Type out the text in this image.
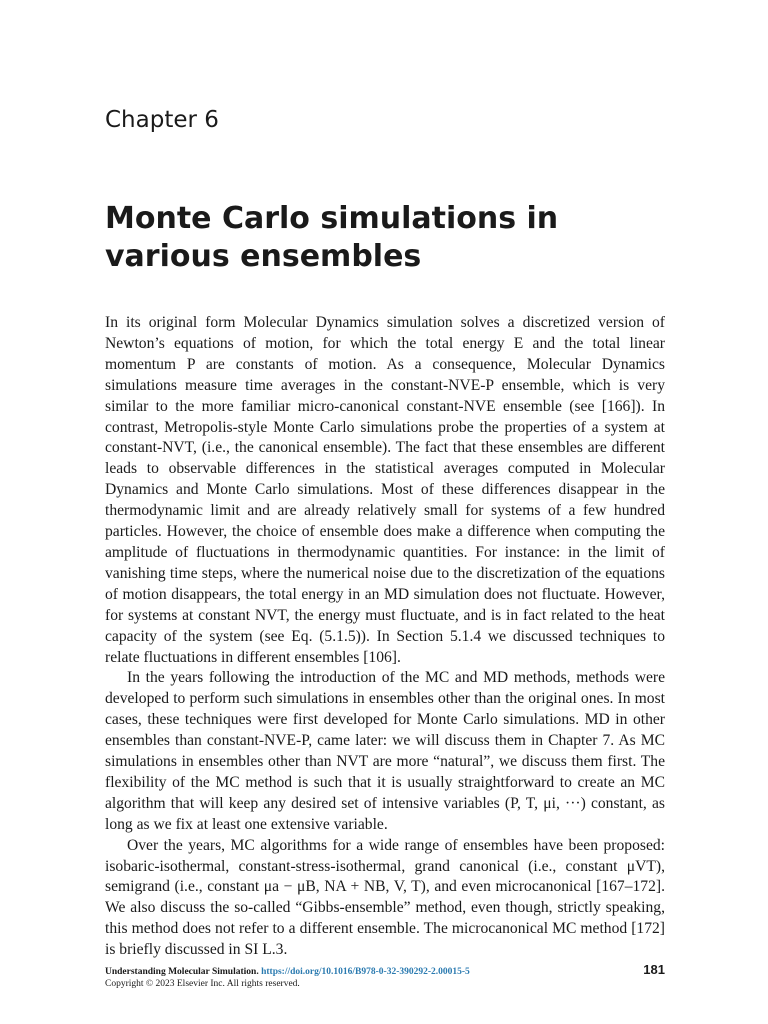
Chapter 6
Monte Carlo simulations in
various ensembles

In its original form Molecular Dynamics simulation solves a discretized version of Newton’s equations of motion, for which the total energy E and the total linear momentum P are constants of motion. As a consequence, Molecular Dynamics simulations measure time averages in the constant-NVE-P ensemble, which is very similar to the more familiar micro-canonical constant-NVE ensemble (see [166]). In contrast, Metropolis-style Monte Carlo simulations probe the properties of a system at constant-NVT, (i.e., the canonical ensemble). The fact that these ensembles are different leads to observable differences in the statistical averages computed in Molecular Dynamics and Monte Carlo simulations. Most of these differences disappear in the thermodynamic limit and are already relatively small for systems of a few hundred particles. However, the choice of ensemble does make a difference when computing the amplitude of fluctuations in thermodynamic quantities. For instance: in the limit of vanishing time steps, where the numerical noise due to the discretization of the equations of motion disappears, the total energy in an MD simulation does not fluctuate. However, for systems at constant NVT, the energy must fluctuate, and is in fact related to the heat capacity of the system (see Eq. (5.1.5)). In Section 5.1.4 we discussed techniques to relate fluctuations in different ensembles [106].

In the years following the introduction of the MC and MD methods, methods were developed to perform such simulations in ensembles other than the original ones. In most cases, these techniques were first developed for Monte Carlo simulations. MD in other ensembles than constant-NVE-P, came later: we will discuss them in Chapter 7. As MC simulations in ensembles other than NVT are more “natural”, we discuss them first. The flexibility of the MC method is such that it is usually straightforward to create an MC algorithm that will keep any desired set of intensive variables (P, T, μi, ···) constant, as long as we fix at least one extensive variable.

Over the years, MC algorithms for a wide range of ensembles have been proposed: isobaric-isothermal, constant-stress-isothermal, grand canonical (i.e., constant μVT), semigrand (i.e., constant μa − μB, NA + NB, V, T), and even microcanonical [167–172]. We also discuss the so-called “Gibbs-ensemble” method, even though, strictly speaking, this method does not refer to a different ensemble. The microcanonical MC method [172] is briefly discussed in SI L.3.

Understanding Molecular Simulation. https://doi.org/10.1016/B978-0-32-390292-2.00015-5
Copyright © 2023 Elsevier Inc. All rights reserved.
181
